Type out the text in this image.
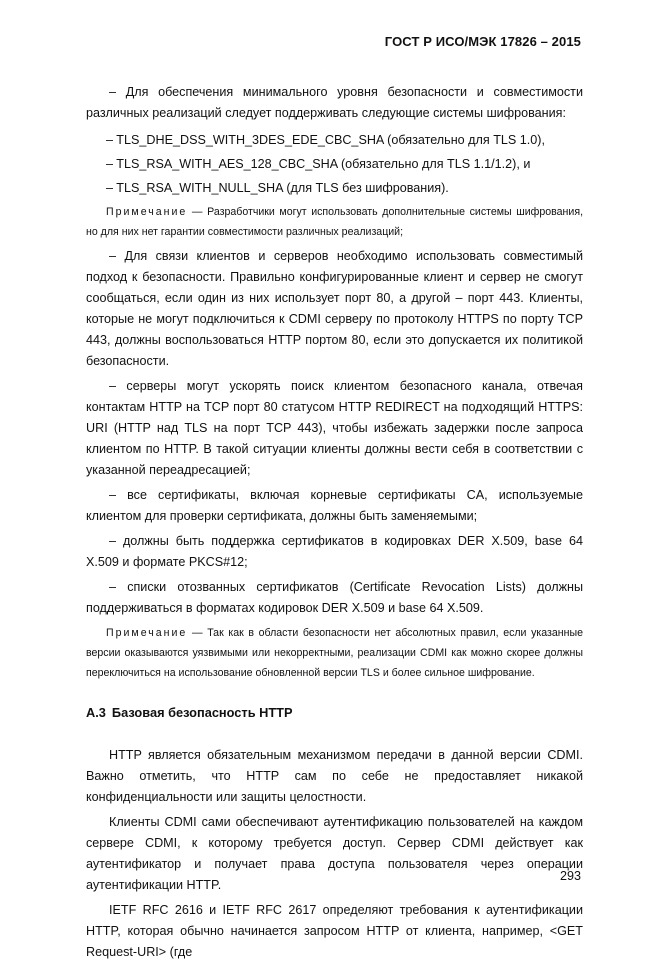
ГОСТ Р ИСО/МЭК 17826 – 2015

– Для обеспечения минимального уровня безопасности и совместимости различных реализаций следует поддерживать следующие системы шифрования:

– TLS_DHE_DSS_WITH_3DES_EDE_CBC_SHA (обязательно для TLS 1.0),
– TLS_RSA_WITH_AES_128_CBC_SHA (обязательно для TLS 1.1/1.2), и
– TLS_RSA_WITH_NULL_SHA (для TLS без шифрования).

Примечание — Разработчики могут использовать дополнительные системы шифрования, но для них нет гарантии совместимости различных реализаций;

– Для связи клиентов и серверов необходимо использовать совместимый подход к безопасности. Правильно конфигурированные клиент и сервер не смогут сообщаться, если один из них использует порт 80, а другой – порт 443. Клиенты, которые не могут подключиться к CDMI серверу по протоколу HTTPS по порту TCP 443, должны воспользоваться HTTP портом 80, если это допускается их политикой безопасности.

– серверы могут ускорять поиск клиентом безопасного канала, отвечая контактам HTTP на TCP порт 80 статусом HTTP REDIRECT на подходящий HTTPS: URI (HTTP над TLS на порт TCP 443), чтобы избежать задержки после запроса клиентом по HTTP. В такой ситуации клиенты должны вести себя в соответствии с указанной переадресацией;

– все сертификаты, включая корневые сертификаты CA, используемые клиентом для проверки сертификата, должны быть заменяемыми;

– должны быть поддержка сертификатов в кодировках DER X.509, base 64 X.509 и формате PKCS#12;

– списки отозванных сертификатов (Certificate Revocation Lists) должны поддерживаться в форматах кодировок DER X.509 и base 64 X.509.

Примечание — Так как в области безопасности нет абсолютных правил, если указанные версии оказываются уязвимыми или некорректными, реализации CDMI как можно скорее должны переключиться на использование обновленной версии TLS и более сильное шифрование.

А.3 Базовая безопасность HTTP

HTTP является обязательным механизмом передачи в данной версии CDMI. Важно отметить, что HTTP сам по себе не предоставляет никакой конфиденциальности или защиты целостности.

Клиенты CDMI сами обеспечивают аутентификацию пользователей на каждом сервере CDMI, к которому требуется доступ. Сервер CDMI действует как аутентификатор и получает права доступа пользователя через операции аутентификации HTTP.

IETF RFC 2616 и IETF RFC 2617 определяют требования к аутентификации HTTP, которая обычно начинается запросом HTTP от клиента, например, <GET Request-URI> (где

293
